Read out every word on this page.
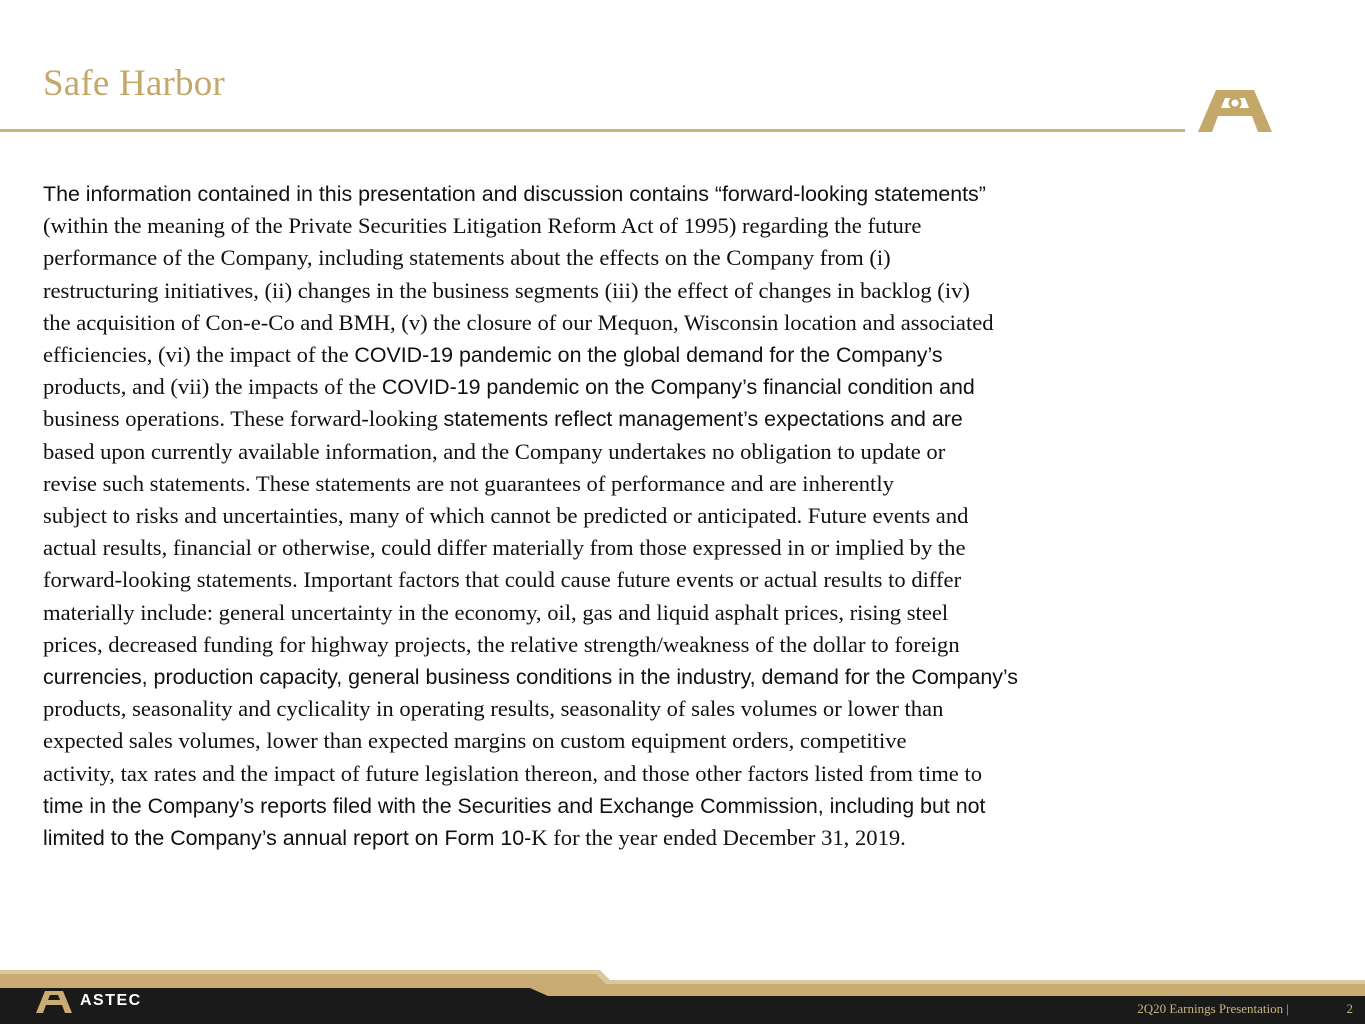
Safe Harbor
.
The information contained in this presentation and discussion contains “forward-looking statements”
(within the meaning of the Private Securities Litigation Reform Act of 1995) regarding the future
performance of the Company, including statements about the effects on the Company from (i)
restructuring initiatives, (ii) changes in the business segments (iii) the effect of changes in backlog (iv)
the acquisition of Con-e-Co and BMH, (v) the closure of our Mequon, Wisconsin location and associated
efficiencies, (vi) the impact of the COVID-19 pandemic on the global demand for the Company’s
products, and (vii) the impacts of the COVID-19 pandemic on the Company’s financial condition and
business operations. These forward-looking statements reflect management’s expectations and are
based upon currently available information, and the Company undertakes no obligation to update or
revise such statements. These statements are not guarantees of performance and are inherently
subject to risks and uncertainties, many of which cannot be predicted or anticipated. Future events and
actual results, financial or otherwise, could differ materially from those expressed in or implied by the
forward-looking statements. Important factors that could cause future events or actual results to differ
materially include: general uncertainty in the economy, oil, gas and liquid asphalt prices, rising steel
prices, decreased funding for highway projects, the relative strength/weakness of the dollar to foreign
currencies, production capacity, general business conditions in the industry, demand for the Company’s
products, seasonality and cyclicality in operating results, seasonality of sales volumes or lower than
expected sales volumes, lower than expected margins on custom equipment orders, competitive
activity, tax rates and the impact of future legislation thereon, and those other factors listed from time to
time in the Company’s reports filed with the Securities and Exchange Commission, including but not
limited to the Company’s annual report on Form 10-K for the year ended December 31, 2019.
ASTEC	2Q20 Earnings Presentation |	2
